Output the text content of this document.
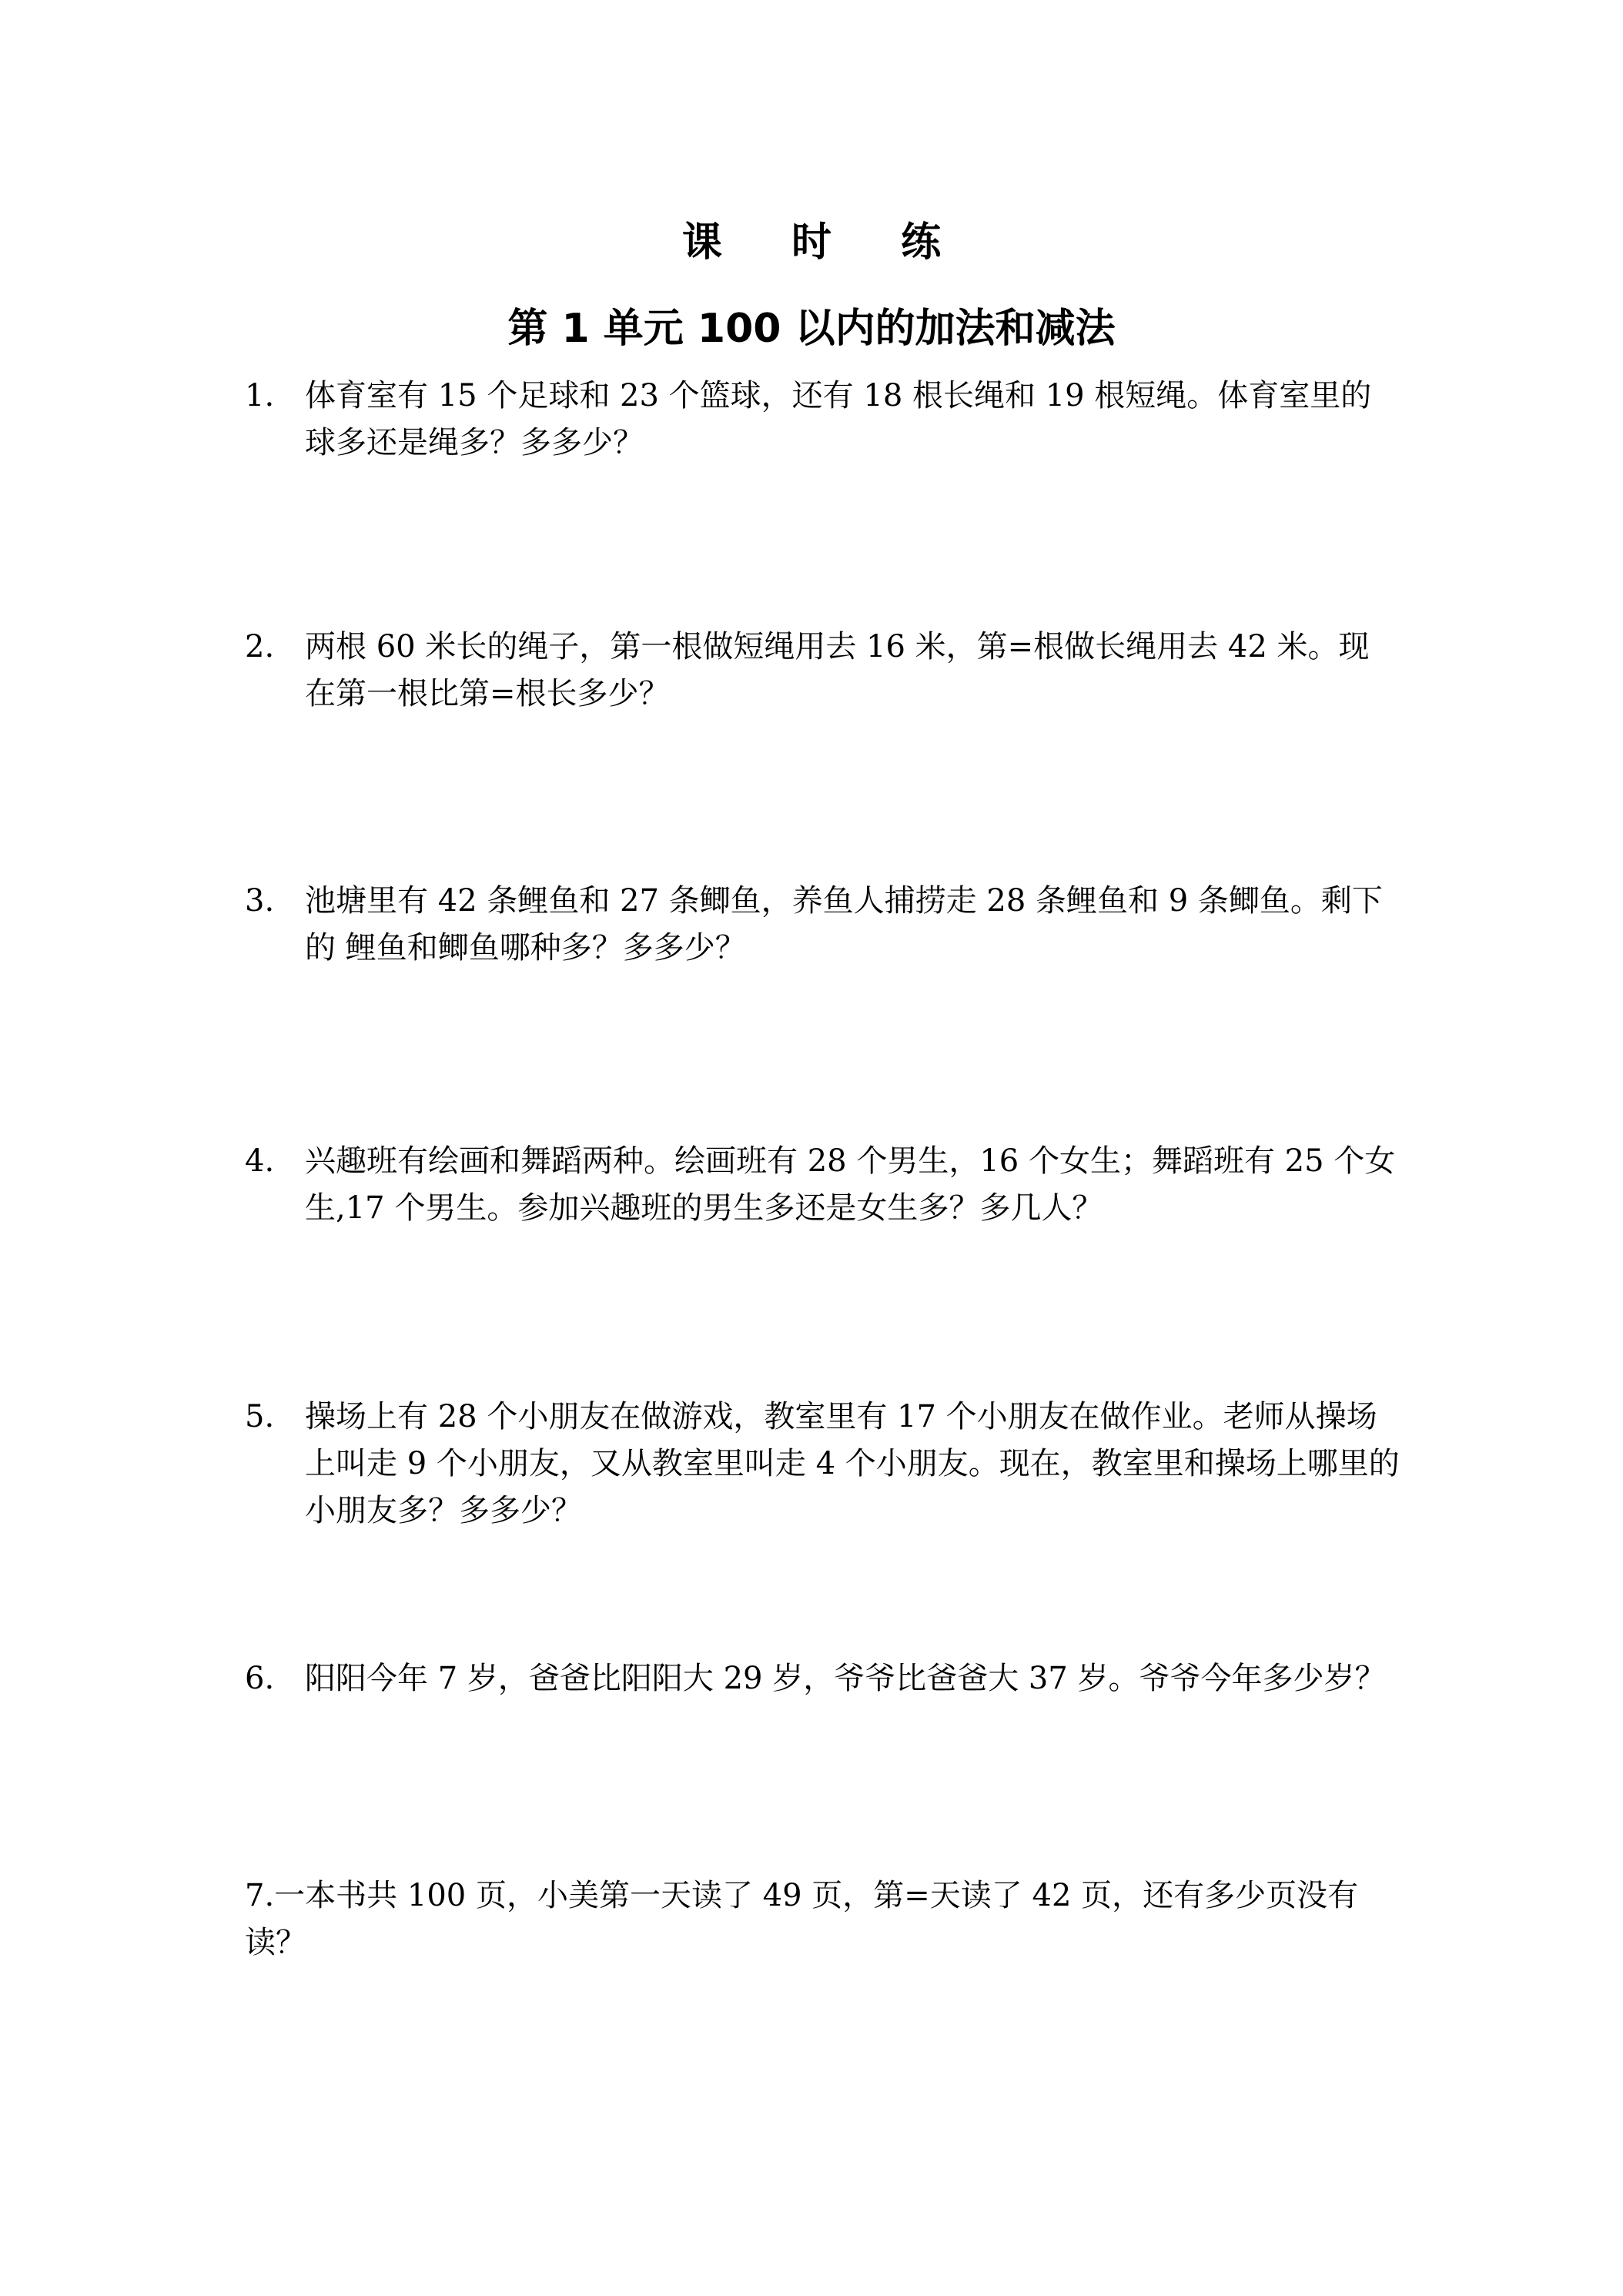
课 时 练
第 1 单元 100 以内的加法和减法
1. 体育室有 15 个足球和 23 个篮球，还有 18 根长绳和 19 根短绳。体育室里的球多还是绳多？多多少？
2. 两根 60 米长的绳子，第一根做短绳用去 16 米，第=根做长绳用去 42 米。现在第一根比第=根长多少？
3. 池塘里有 42 条鲤鱼和 27 条鲫鱼，养鱼人捕捞走 28 条鲤鱼和 9 条鲫鱼。剩下的 鲤鱼和鲫鱼哪种多？多多少？
4. 兴趣班有绘画和舞蹈两种。绘画班有 28 个男生，16 个女生；舞蹈班有 25 个女 生,17 个男生。参加兴趣班的男生多还是女生多？多几人？
5. 操场上有 28 个小朋友在做游戏，教室里有 17 个小朋友在做作业。老师从操场上叫走 9 个小朋友，又从教室里叫走 4 个小朋友。现在，教室里和操场上哪里的小朋友多？多多少？
6. 阳阳今年 7 岁，爸爸比阳阳大 29 岁，爷爷比爸爸大 37 岁。爷爷今年多少岁？
7.一本书共 100 页，小美第一天读了 49 页，第=天读了 42 页，还有多少页没有读？
